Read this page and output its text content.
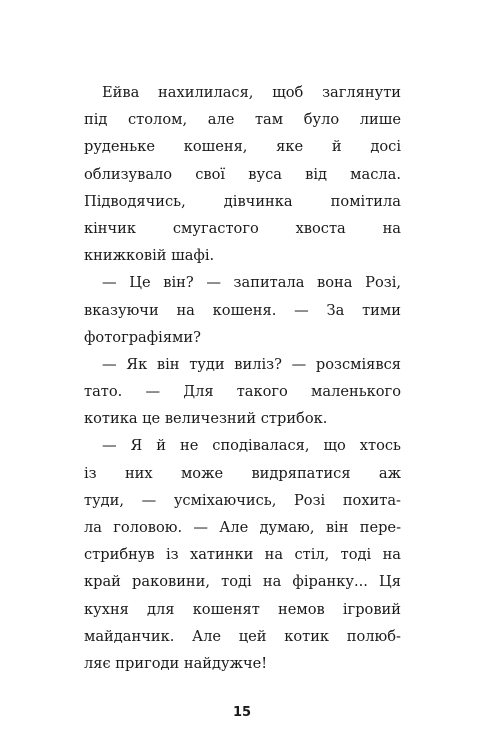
Ейва нахилилася, щоб заглянути
під столом, але там було лише
руденьке кошеня, яке й досі
облизувало свої вуса від масла.
Підводячись, дівчинка помітила
кінчик смугастого хвоста на
книжковій шафі.
— Це він? — запитала вона Розі,
вказуючи на кошеня. — За тими
фотографіями?
— Як він туди виліз? — розсміявся
тато. — Для такого маленького
котика це величезний стрибок.
— Я й не сподівалася, що хтось
із них може видряпатися аж
туди, — усміхаючись, Розі похита-
ла головою. — Але думаю, він пере-
стрибнув із хатинки на стіл, тоді на
край раковини, тоді на фіранку... Ця
кухня для кошенят немов ігровий
майданчик. Але цей котик полюб-
ляє пригоди найдужче!
15
